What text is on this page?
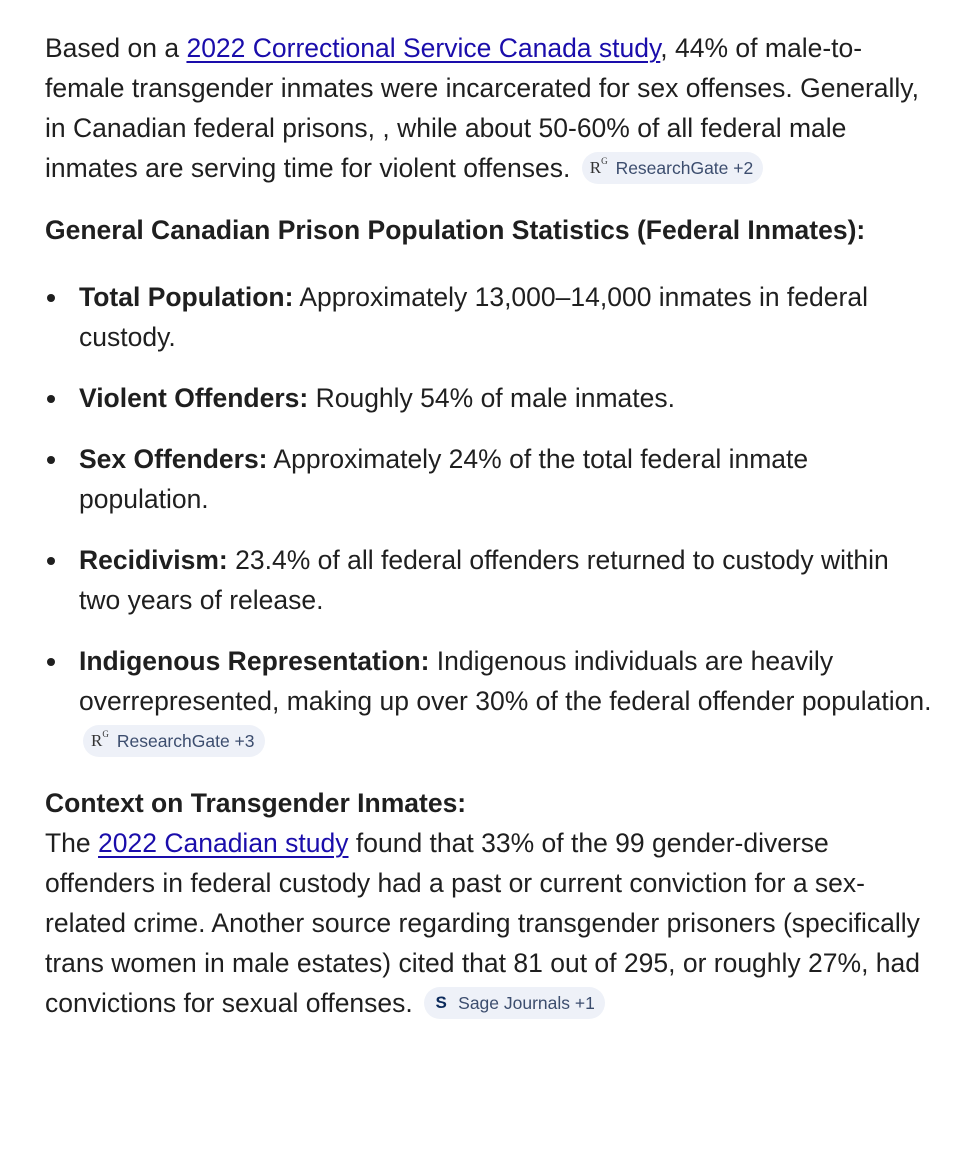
Based on a 2022 Correctional Service Canada study, 44% of male-to-female transgender inmates were incarcerated for sex offenses. Generally, in Canadian federal prisons, , while about 50-60% of all federal male inmates are serving time for violent offenses. $R^G$ ResearchGate +2

General Canadian Prison Population Statistics (Federal Inmates):

Total Population: Approximately 13,000–14,000 inmates in federal custody.
Violent Offenders: Roughly 54% of male inmates.
Sex Offenders: Approximately 24% of the total federal inmate population.
Recidivism: 23.4% of all federal offenders returned to custody within two years of release.
Indigenous Representation: Indigenous individuals are heavily overrepresented, making up over 30% of the federal offender population.
$R^G$ ResearchGate +3

Context on Transgender Inmates:

The 2022 Canadian study found that 33% of the 99 gender-diverse offenders in federal custody had a past or current conviction for a sex-related crime. Another source regarding transgender prisoners (specifically trans women in male estates) cited that 81 out of 295, or roughly 27%, had convictions for sexual offenses. S Sage Journals +1
